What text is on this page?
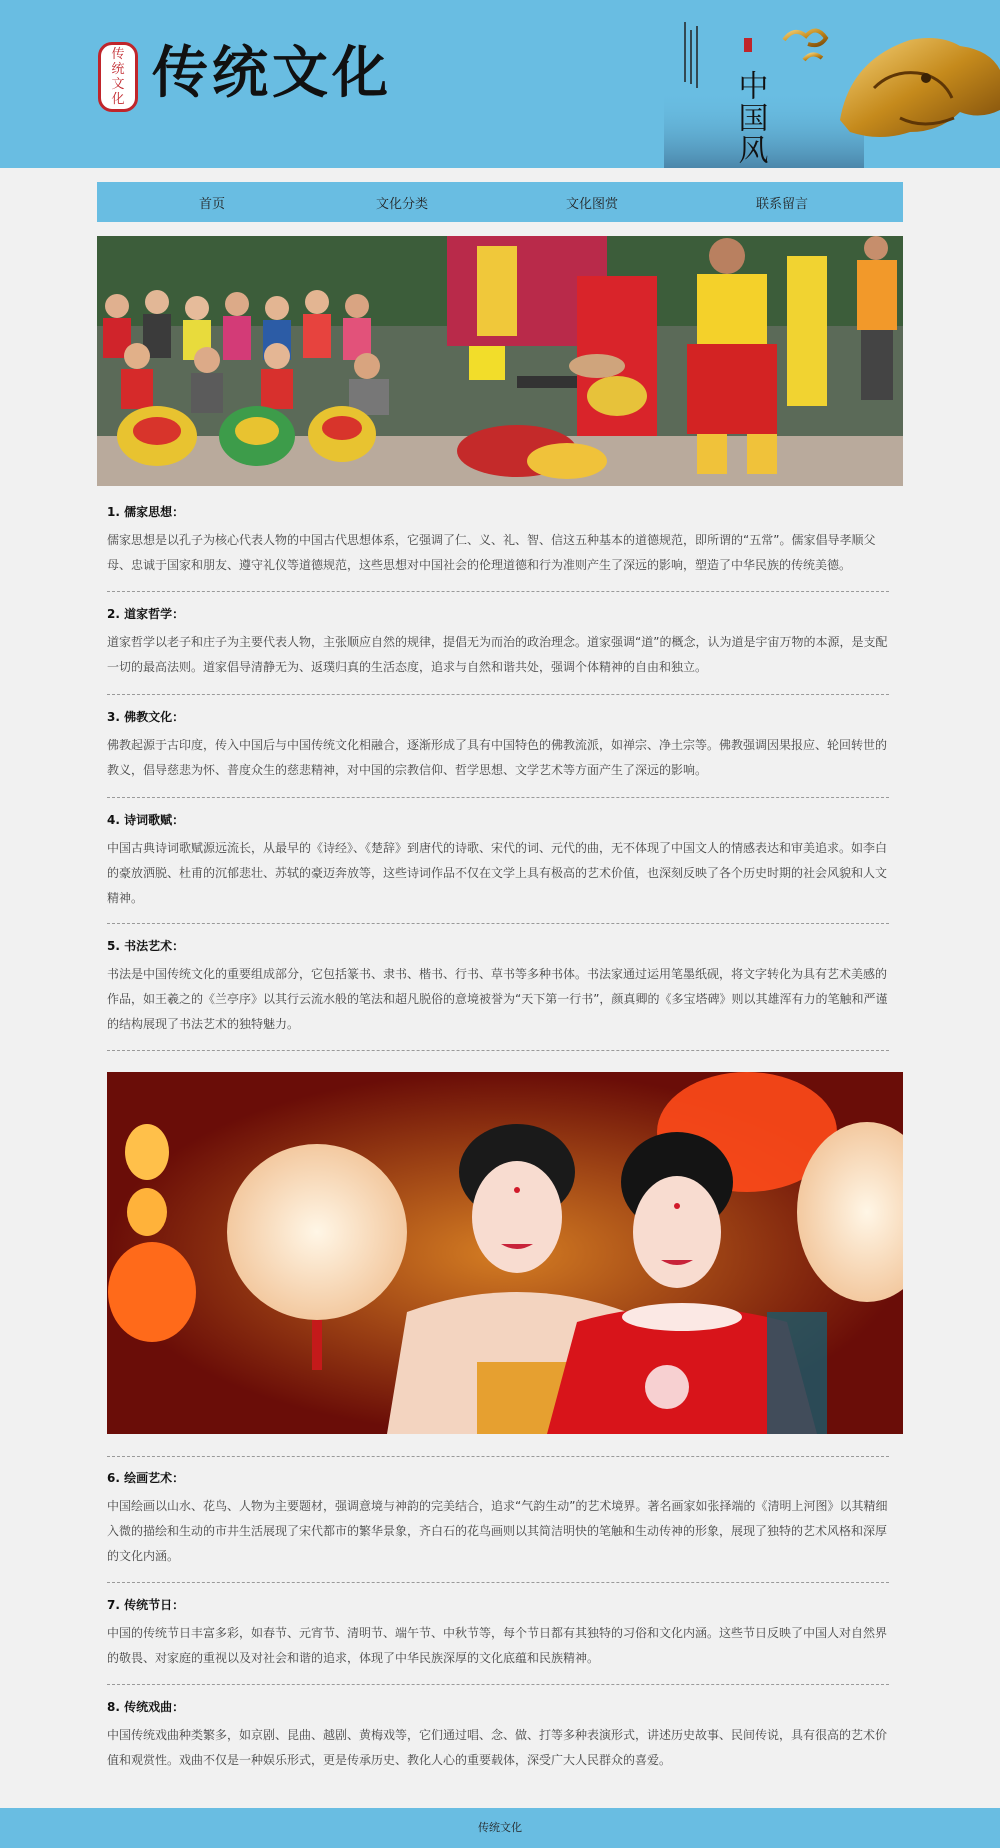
传
统
文
化 传统文化	中国风
首页	文化分类	文化图赏	联系留言
1. 儒家思想：

儒家思想是以孔子为核心代表人物的中国古代思想体系，它强调了仁、义、礼、智、信这五种基本的道德规范，即所谓的“五常”。儒家倡导孝顺父母、忠诚于国家和朋友、遵守礼仪等道德规范，这些思想对中国社会的伦理道德和行为准则产生了深远的影响，塑造了中华民族的传统美德。

2. 道家哲学：

道家哲学以老子和庄子为主要代表人物，主张顺应自然的规律，提倡无为而治的政治理念。道家强调“道”的概念，认为道是宇宙万物的本源，是支配一切的最高法则。道家倡导清静无为、返璞归真的生活态度，追求与自然和谐共处，强调个体精神的自由和独立。

3. 佛教文化：

佛教起源于古印度，传入中国后与中国传统文化相融合，逐渐形成了具有中国特色的佛教流派，如禅宗、净土宗等。佛教强调因果报应、轮回转世的教义，倡导慈悲为怀、普度众生的慈悲精神，对中国的宗教信仰、哲学思想、文学艺术等方面产生了深远的影响。

4. 诗词歌赋：

中国古典诗词歌赋源远流长，从最早的《诗经》、《楚辞》到唐代的诗歌、宋代的词、元代的曲，无不体现了中国文人的情感表达和审美追求。如李白的豪放洒脱、杜甫的沉郁悲壮、苏轼的豪迈奔放等，这些诗词作品不仅在文学上具有极高的艺术价值，也深刻反映了各个历史时期的社会风貌和人文精神。

5. 书法艺术：

书法是中国传统文化的重要组成部分，它包括篆书、隶书、楷书、行书、草书等多种书体。书法家通过运用笔墨纸砚，将文字转化为具有艺术美感的作品，如王羲之的《兰亭序》以其行云流水般的笔法和超凡脱俗的意境被誉为“天下第一行书”，颜真卿的《多宝塔碑》则以其雄浑有力的笔触和严谨的结构展现了书法艺术的独特魅力。

6. 绘画艺术：

中国绘画以山水、花鸟、人物为主要题材，强调意境与神韵的完美结合，追求“气韵生动”的艺术境界。著名画家如张择端的《清明上河图》以其精细入微的描绘和生动的市井生活展现了宋代都市的繁华景象，齐白石的花鸟画则以其简洁明快的笔触和生动传神的形象，展现了独特的艺术风格和深厚的文化内涵。

7. 传统节日：

中国的传统节日丰富多彩，如春节、元宵节、清明节、端午节、中秋节等，每个节日都有其独特的习俗和文化内涵。这些节日反映了中国人对自然界的敬畏、对家庭的重视以及对社会和谐的追求，体现了中华民族深厚的文化底蕴和民族精神。

8. 传统戏曲：

中国传统戏曲种类繁多，如京剧、昆曲、越剧、黄梅戏等，它们通过唱、念、做、打等多种表演形式，讲述历史故事、民间传说，具有很高的艺术价值和观赏性。戏曲不仅是一种娱乐形式，更是传承历史、教化人心的重要载体，深受广大人民群众的喜爱。

传统文化
